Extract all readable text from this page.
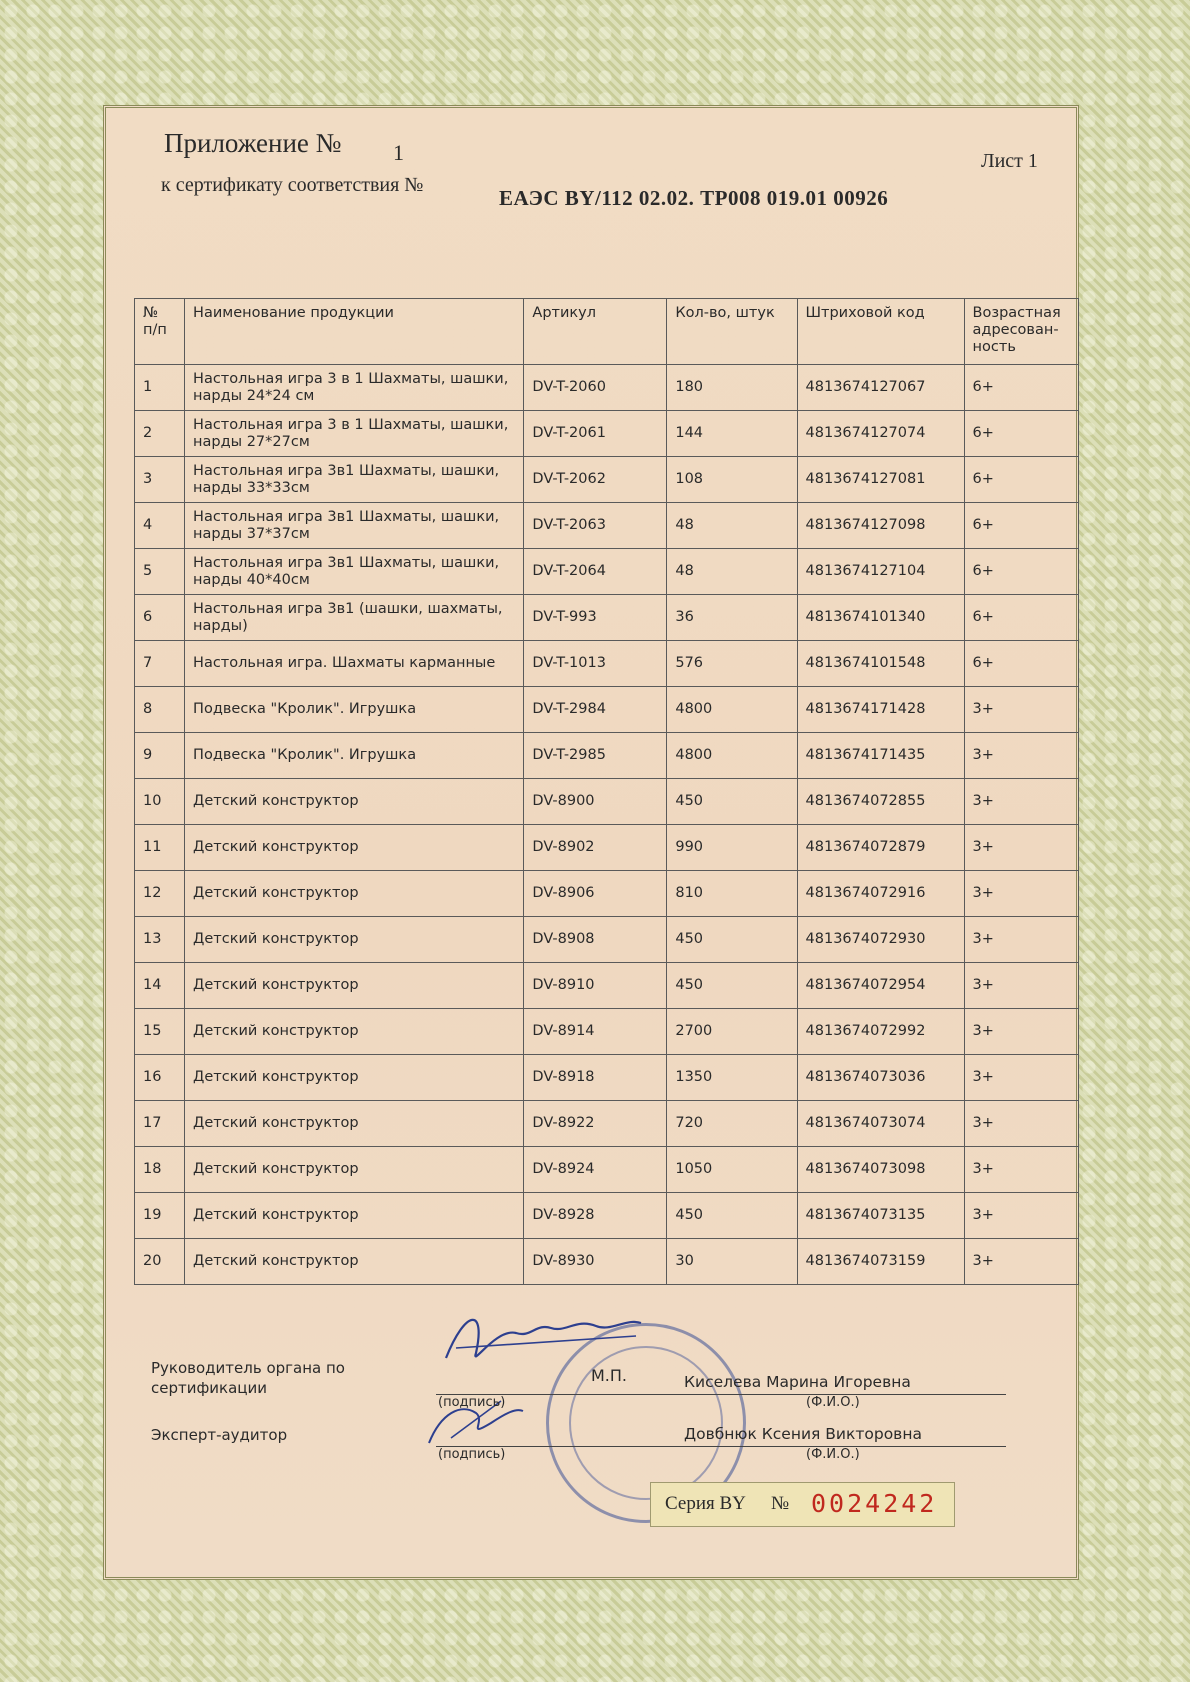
Приложение № 1	Лист 1
к сертификату соответствия №
ЕАЭС BY/112 02.02. ТР008 019.01 00926
№ п/п	Наименование продукции	Артикул	Кол-во, штук	Штриховой код	Возрастная адресован-ность
1	Настольная игра 3 в 1 Шахматы, шашки, нарды 24*24 см	DV-T-2060	180	4813674127067	6+
2	Настольная игра 3 в 1 Шахматы, шашки, нарды 27*27см	DV-T-2061	144	4813674127074	6+
3	Настольная игра 3в1 Шахматы, шашки, нарды 33*33см	DV-T-2062	108	4813674127081	6+
4	Настольная игра 3в1 Шахматы, шашки, нарды 37*37см	DV-T-2063	48	4813674127098	6+
5	Настольная игра 3в1 Шахматы, шашки, нарды 40*40см	DV-T-2064	48	4813674127104	6+
6	Настольная игра 3в1 (шашки, шахматы, нарды)	DV-T-993	36	4813674101340	6+
7	Настольная игра. Шахматы карманные	DV-T-1013	576	4813674101548	6+
8	Подвеска "Кролик". Игрушка	DV-T-2984	4800	4813674171428	3+
9	Подвеска "Кролик". Игрушка	DV-T-2985	4800	4813674171435	3+
10	Детский конструктор	DV-8900	450	4813674072855	3+
11	Детский конструктор	DV-8902	990	4813674072879	3+
12	Детский конструктор	DV-8906	810	4813674072916	3+
13	Детский конструктор	DV-8908	450	4813674072930	3+
14	Детский конструктор	DV-8910	450	4813674072954	3+
15	Детский конструктор	DV-8914	2700	4813674072992	3+
16	Детский конструктор	DV-8918	1350	4813674073036	3+
17	Детский конструктор	DV-8922	720	4813674073074	3+
18	Детский конструктор	DV-8924	1050	4813674073098	3+
19	Детский конструктор	DV-8928	450	4813674073135	3+
20	Детский конструктор	DV-8930	30	4813674073159	3+
Руководитель органа по сертификации
Эксперт-аудитор
М.П.	Киселева Марина Игоревна
(подпись)	(Ф.И.О.)
Довбнюк Ксения Викторовна
(подпись)	(Ф.И.О.)
Серия BY № 0024242
